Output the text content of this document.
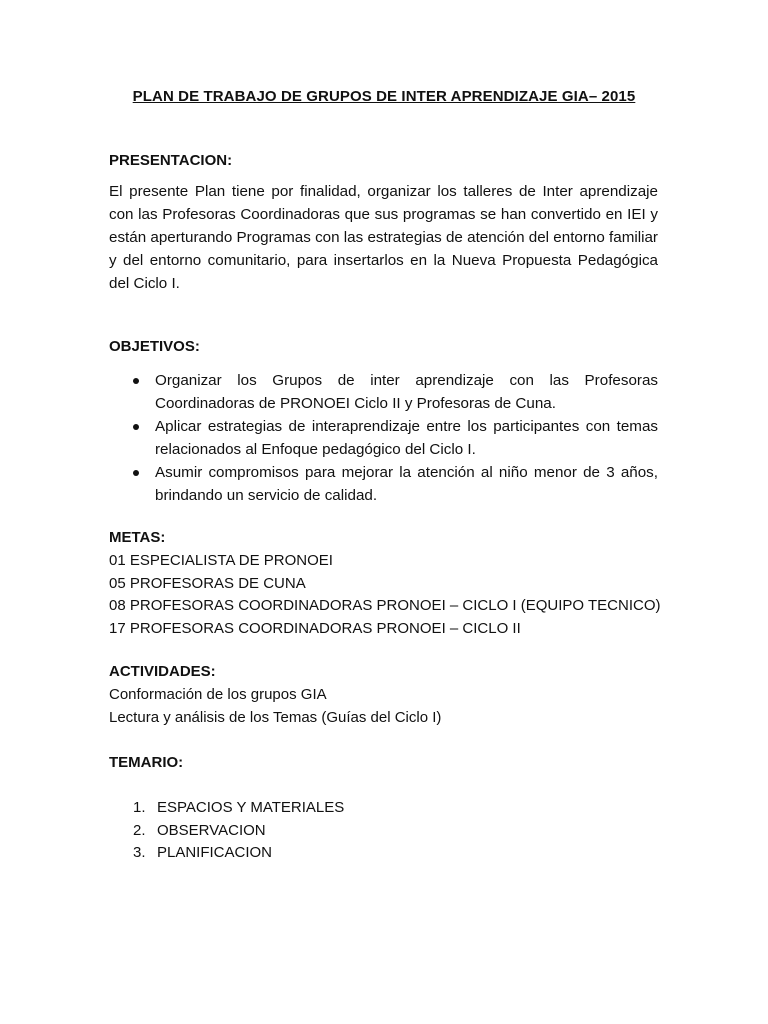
PLAN DE TRABAJO DE GRUPOS DE INTER APRENDIZAJE GIA– 2015
PRESENTACION:

El presente Plan tiene por finalidad, organizar los talleres de Inter aprendizaje con las Profesoras Coordinadoras que sus programas se han convertido en IEI y están aperturando Programas con las estrategias de atención del entorno familiar y del entorno comunitario, para insertarlos en la Nueva Propuesta Pedagógica del Ciclo I.

OBJETIVOS:
Organizar los Grupos de inter aprendizaje con las Profesoras Coordinadoras de PRONOEI Ciclo II y Profesoras de Cuna.
Aplicar estrategias de interaprendizaje entre los participantes con temas relacionados al Enfoque pedagógico del Ciclo I.
Asumir compromisos para mejorar la atención al niño menor de 3 años, brindando un servicio de calidad.
METAS:
01 ESPECIALISTA DE PRONOEI
05 PROFESORAS DE CUNA
08 PROFESORAS COORDINADORAS PRONOEI – CICLO I (EQUIPO TECNICO)
17 PROFESORAS COORDINADORAS PRONOEI – CICLO II
ACTIVIDADES:
Conformación de los grupos GIA
Lectura y análisis de los Temas (Guías del Ciclo I)
TEMARIO:
1. ESPACIOS Y MATERIALES
2. OBSERVACION
3. PLANIFICACION
